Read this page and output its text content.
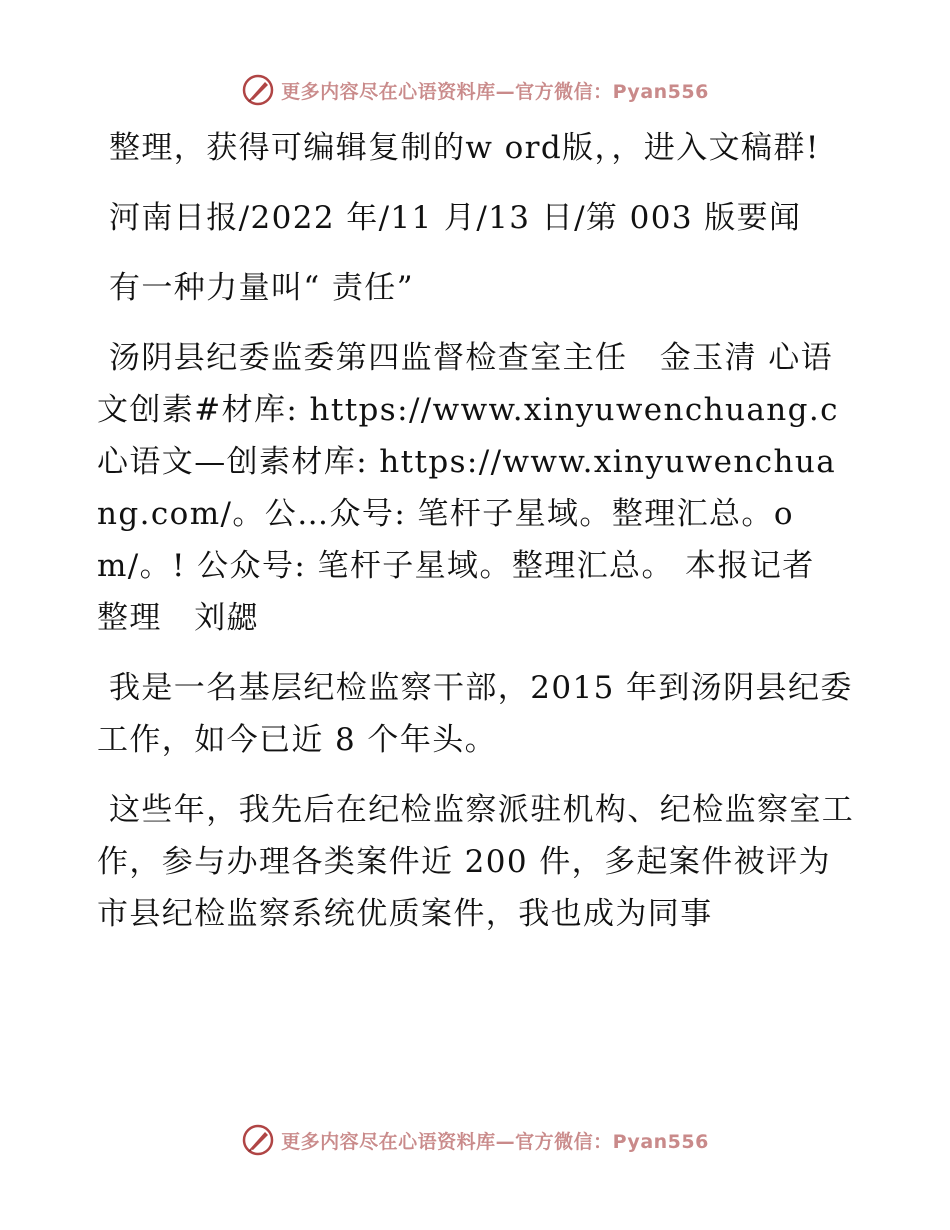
更多内容尽在心语资料库—官方微信：Pyan556

整理，获得可编辑复制的w ord版，，进入文稿群!

河南日报/2022 年/11 月/13 日/第 003 版要闻

有一种力量叫“ 责任”

汤阴县纪委监委第四监督检查室主任　金玉清 心语文创素#材库: https://www.xinyuwenchuang.c心语文—创素材库: https://www.xinyuwenchuang.com/。公…众号: 笔杆子星域。整理汇总。om/。! 公众号: 笔杆子星域。整理汇总。 本报记者　整理　刘勰

我是一名基层纪检监察干部，2015 年到汤阴县纪委工作，如今已近 8 个年头。

这些年，我先后在纪检监察派驻机构、纪检监察室工作，参与办理各类案件近 200 件，多起案件被评为市县纪检监察系统优质案件，我也成为同事

更多内容尽在心语资料库—官方微信：Pyan556
